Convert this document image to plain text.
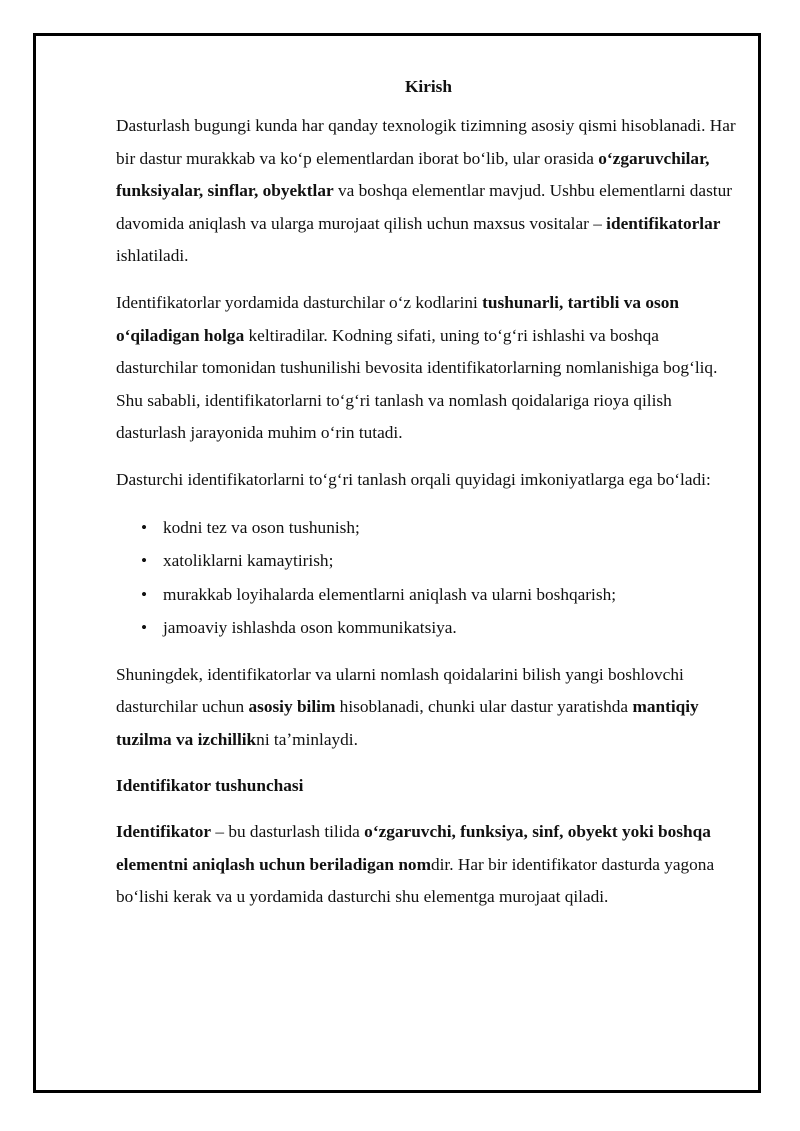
Kirish

Dasturlash bugungi kunda har qanday texnologik tizimning asosiy qismi hisoblanadi. Har bir dastur murakkab va koʻp elementlardan iborat boʻlib, ular orasida oʻzgaruvchilar, funksiyalar, sinflar, obyektlar va boshqa elementlar mavjud. Ushbu elementlarni dastur davomida aniqlash va ularga murojaat qilish uchun maxsus vositalar – identifikatorlar ishlatiladi.

Identifikatorlar yordamida dasturchilar oʻz kodlarini tushunarli, tartibli va oson oʻqiladigan holga keltiradilar. Kodning sifati, uning toʻgʻri ishlashi va boshqa dasturchilar tomonidan tushunilishi bevosita identifikatorlarning nomlanishiga bogʻliq. Shu sababli, identifikatorlarni toʻgʻri tanlash va nomlash qoidalariga rioya qilish dasturlash jarayonida muhim oʻrin tutadi.

Dasturchi identifikatorlarni toʻgʻri tanlash orqali quyidagi imkoniyatlarga ega boʻladi:

• kodni tez va oson tushunish;
• xatoliklarni kamaytirish;
• murakkab loyihalarda elementlarni aniqlash va ularni boshqarish;
• jamoaviy ishlashda oson kommunikatsiya.

Shuningdek, identifikatorlar va ularni nomlash qoidalarini bilish yangi boshlovchi dasturchilar uchun asosiy bilim hisoblanadi, chunki ular dastur yaratishda mantiqiy tuzilma va izchillikni taʼminlaydi.

Identifikator tushunchasi

Identifikator – bu dasturlash tilida oʻzgaruvchi, funksiya, sinf, obyekt yoki boshqa elementni aniqlash uchun beriladigan nomdir. Har bir identifikator dasturda yagona boʻlishi kerak va u yordamida dasturchi shu elementga murojaat qiladi.
